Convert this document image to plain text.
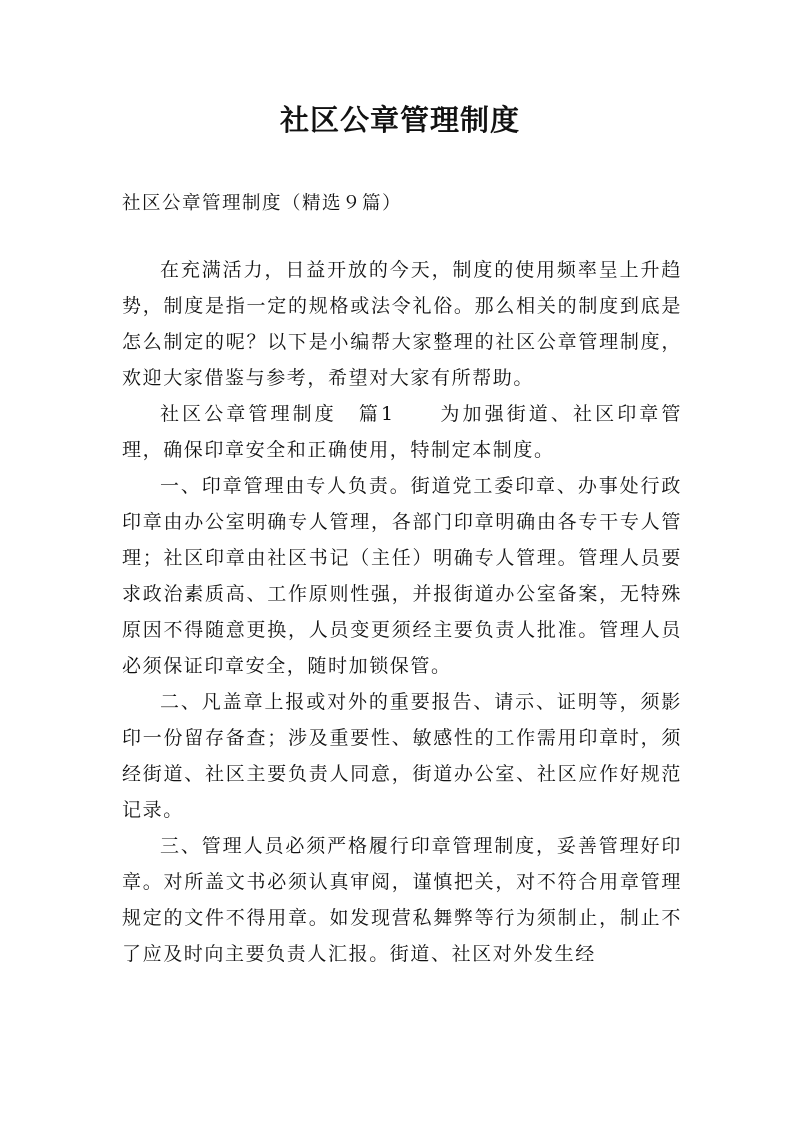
社区公章管理制度

社区公章管理制度（精选９篇）

在充满活力，日益开放的今天，制度的使用频率呈上升趋势，制度是指一定的规格或法令礼俗。那么相关的制度到底是怎么制定的呢？以下是小编帮大家整理的社区公章管理制度，欢迎大家借鉴与参考，希望对大家有所帮助。

社区公章管理制度　篇1　　为加强街道、社区印章管理，确保印章安全和正确使用，特制定本制度。

一、印章管理由专人负责。街道党工委印章、办事处行政印章由办公室明确专人管理，各部门印章明确由各专干专人管理；社区印章由社区书记（主任）明确专人管理。管理人员要求政治素质高、工作原则性强，并报街道办公室备案，无特殊原因不得随意更换，人员变更须经主要负责人批准。管理人员必须保证印章安全，随时加锁保管。

二、凡盖章上报或对外的重要报告、请示、证明等，须影印一份留存备查；涉及重要性、敏感性的工作需用印章时，须经街道、社区主要负责人同意，街道办公室、社区应作好规范记录。

三、管理人员必须严格履行印章管理制度，妥善管理好印章。对所盖文书必须认真审阅，谨慎把关，对不符合用章管理规定的文件不得用章。如发现营私舞弊等行为须制止，制止不了应及时向主要负责人汇报。街道、社区对外发生经
